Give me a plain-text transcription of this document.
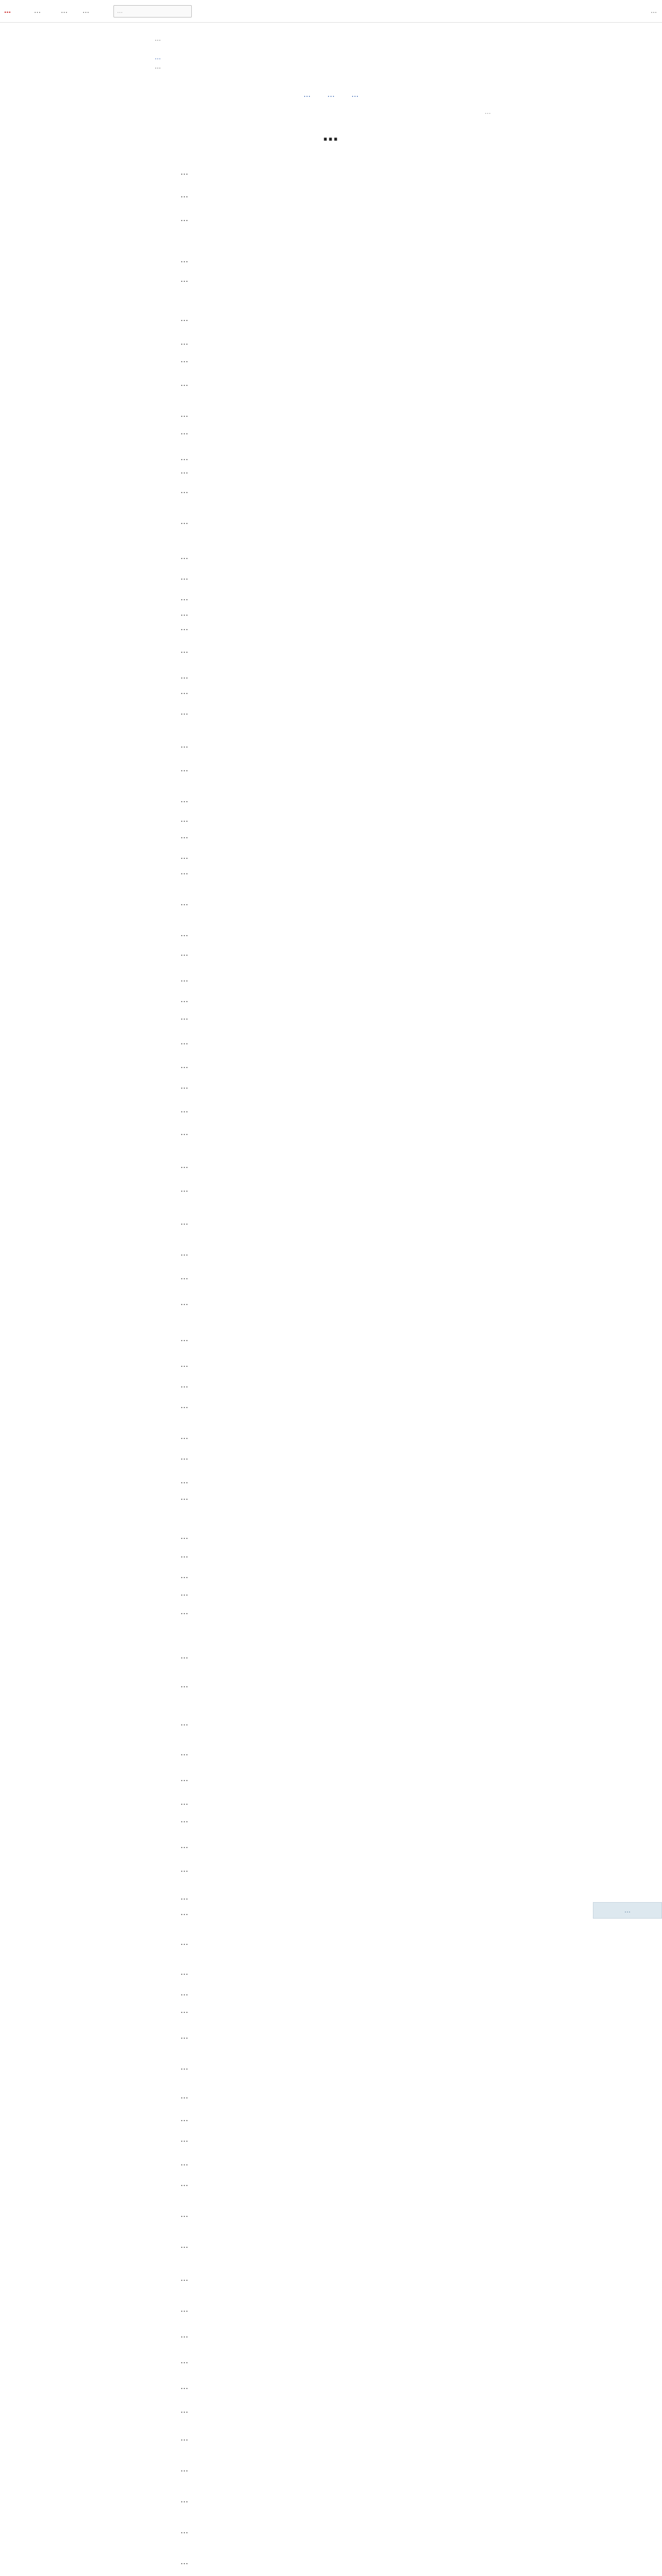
…	…	… …	…	…
…
…
…
… … …
…
…
…
…
…
…
…
…
…
…
…
…
…
…
…
…
…
…
…
…
…
…
…
…
…
…
…
…
…
…
…
…
…
…
…
…
…
…
…
…
…
…
…
…
…
…
…
…
…
…
…
…
…
…
…
…
…
…
…
…
…
…
…
…
…
…
…
…
…
…
…
…
…
…
…
…
…
…
…
…
…
…
…
…
…
…
…
…
…
…
…
…
…
…
…
…
…
…
…
